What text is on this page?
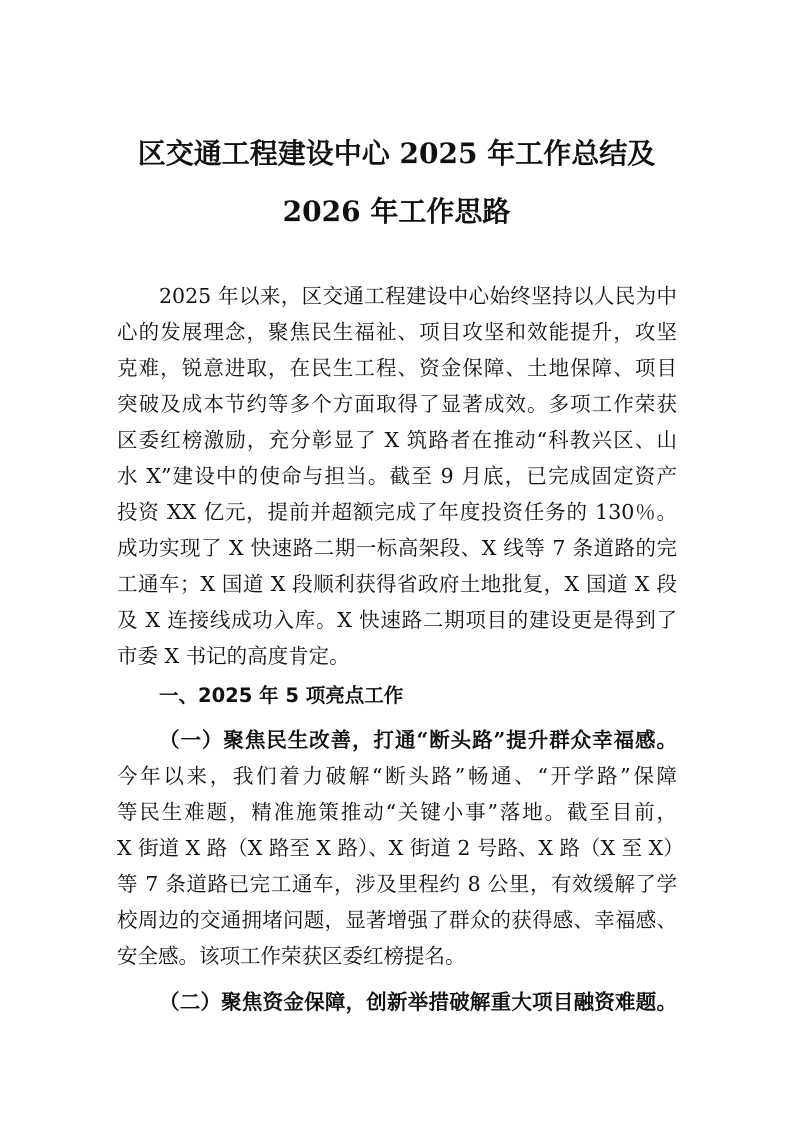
区交通工程建设中心 2025 年工作总结及
2026 年工作思路
2025 年以来，区交通工程建设中心始终坚持以人民为中
心的发展理念，聚焦民生福祉、项目攻坚和效能提升，攻坚
克难，锐意进取，在民生工程、资金保障、土地保障、项目
突破及成本节约等多个方面取得了显著成效。多项工作荣获
区委红榜激励，充分彰显了 X 筑路者在推动“科教兴区、山
水 X”建设中的使命与担当。截至 9 月底，已完成固定资产
投资 XX 亿元，提前并超额完成了年度投资任务的 130％。
成功实现了 X 快速路二期一标高架段、X 线等 7 条道路的完
工通车；X 国道 X 段顺利获得省政府土地批复，X 国道 X 段
及 X 连接线成功入库。X 快速路二期项目的建设更是得到了
市委 X 书记的高度肯定。
一、2025 年 5 项亮点工作
（一）聚焦民生改善，打通“断头路”提升群众幸福感。
今年以来，我们着力破解“断头路”畅通、“开学路”保障
等民生难题，精准施策推动“关键小事”落地。截至目前，
X 街道 X 路（X 路至 X 路）、X 街道 2 号路、X 路（X 至 X）
等 7 条道路已完工通车，涉及里程约 8 公里，有效缓解了学
校周边的交通拥堵问题，显著增强了群众的获得感、幸福感、
安全感。该项工作荣获区委红榜提名。
（二）聚焦资金保障，创新举措破解重大项目融资难题。
